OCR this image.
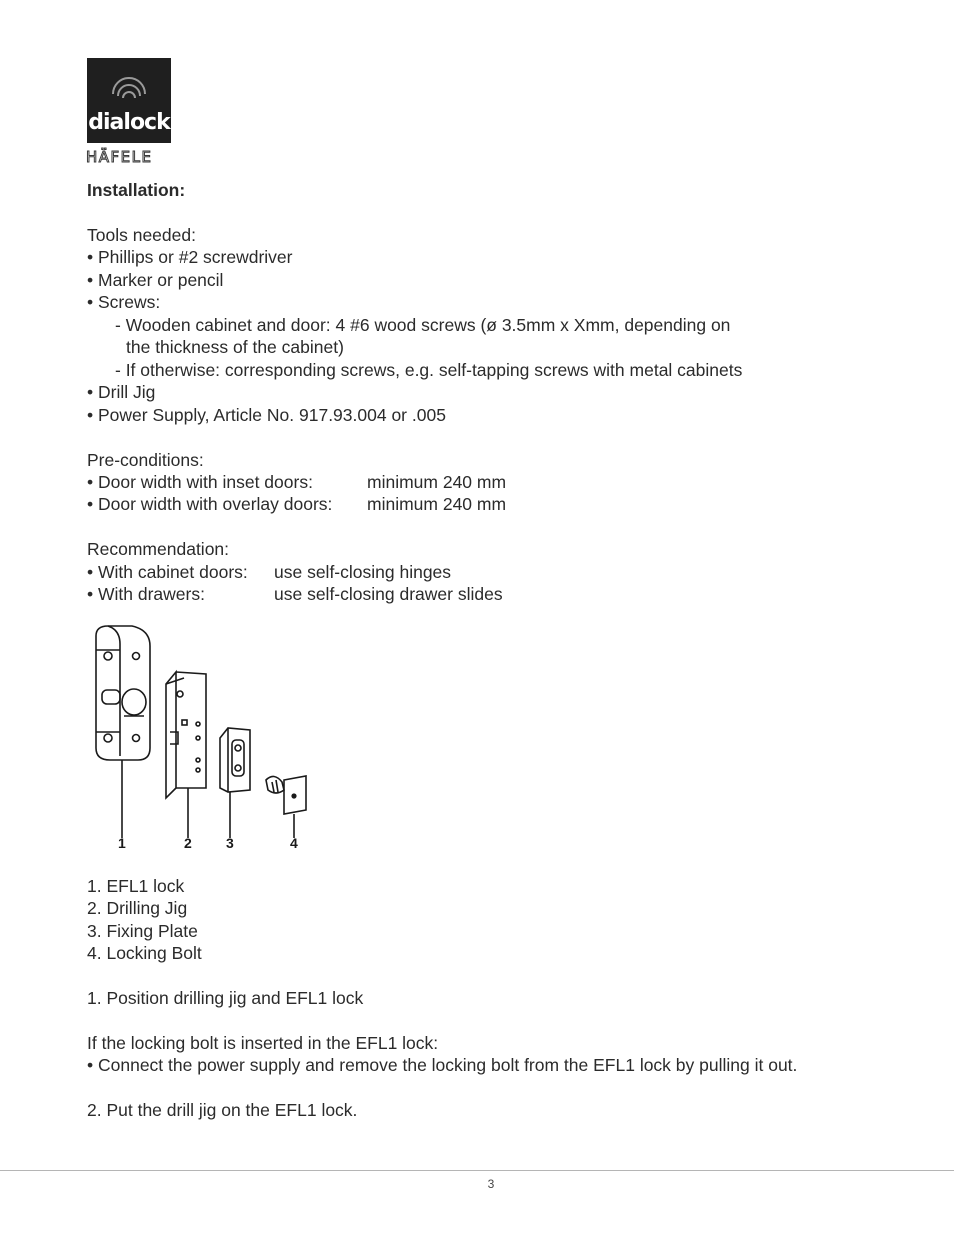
dialock
HÄFELE
Installation:
Tools needed:
• Phillips or #2 screwdriver
• Marker or pencil
• Screws:
- Wooden cabinet and door: 4 #6 wood screws (ø 3.5mm x Xmm, depending on
the thickness of the cabinet)
- If otherwise: corresponding screws, e.g. self-tapping screws with metal cabinets
• Drill Jig
• Power Supply, Article No. 917.93.004 or .005
Pre-conditions:
• Door width with inset doors:	minimum 240 mm
• Door width with overlay doors: minimum 240 mm
Recommendation:
• With cabinet doors: use self-closing hinges
• With drawers:	use self-closing drawer slides
1	2 3	4
1. EFL1 lock
2. Drilling Jig
3. Fixing Plate
4. Locking Bolt
1. Position drilling jig and EFL1 lock
If the locking bolt is inserted in the EFL1 lock:
• Connect the power supply and remove the locking bolt from the EFL1 lock by pulling it out.
2. Put the drill jig on the EFL1 lock.
3
